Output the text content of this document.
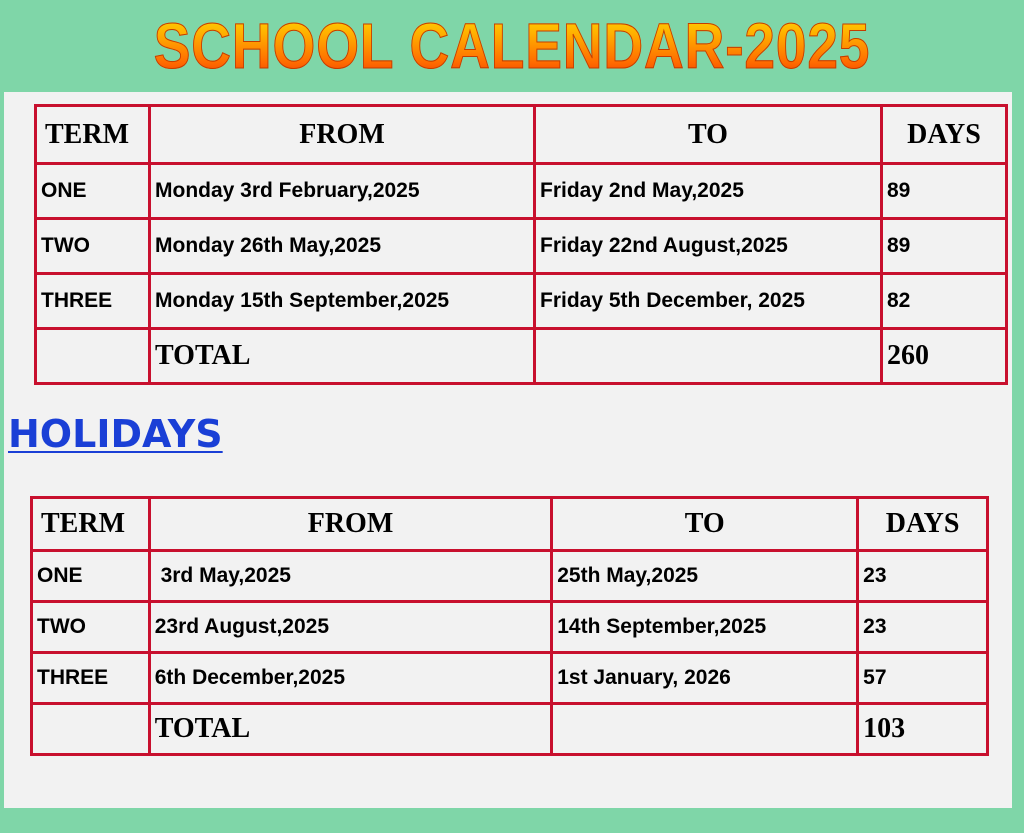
SCHOOL CALENDAR-2025
TERM	FROM	TO	DAYS
ONE	Monday 3rd February,2025	Friday 2nd May,2025	89
TWO	Monday 26th May,2025	Friday 22nd August,2025	89
THREE	Monday 15th September,2025	Friday 5th December, 2025	82
	TOTAL		260
HOLIDAYS
TERM	FROM	TO	DAYS
ONE	3rd May,2025	25th May,2025	23
TWO	23rd August,2025	14th September,2025	23
THREE	6th December,2025	1st January, 2026	57
	TOTAL		103
